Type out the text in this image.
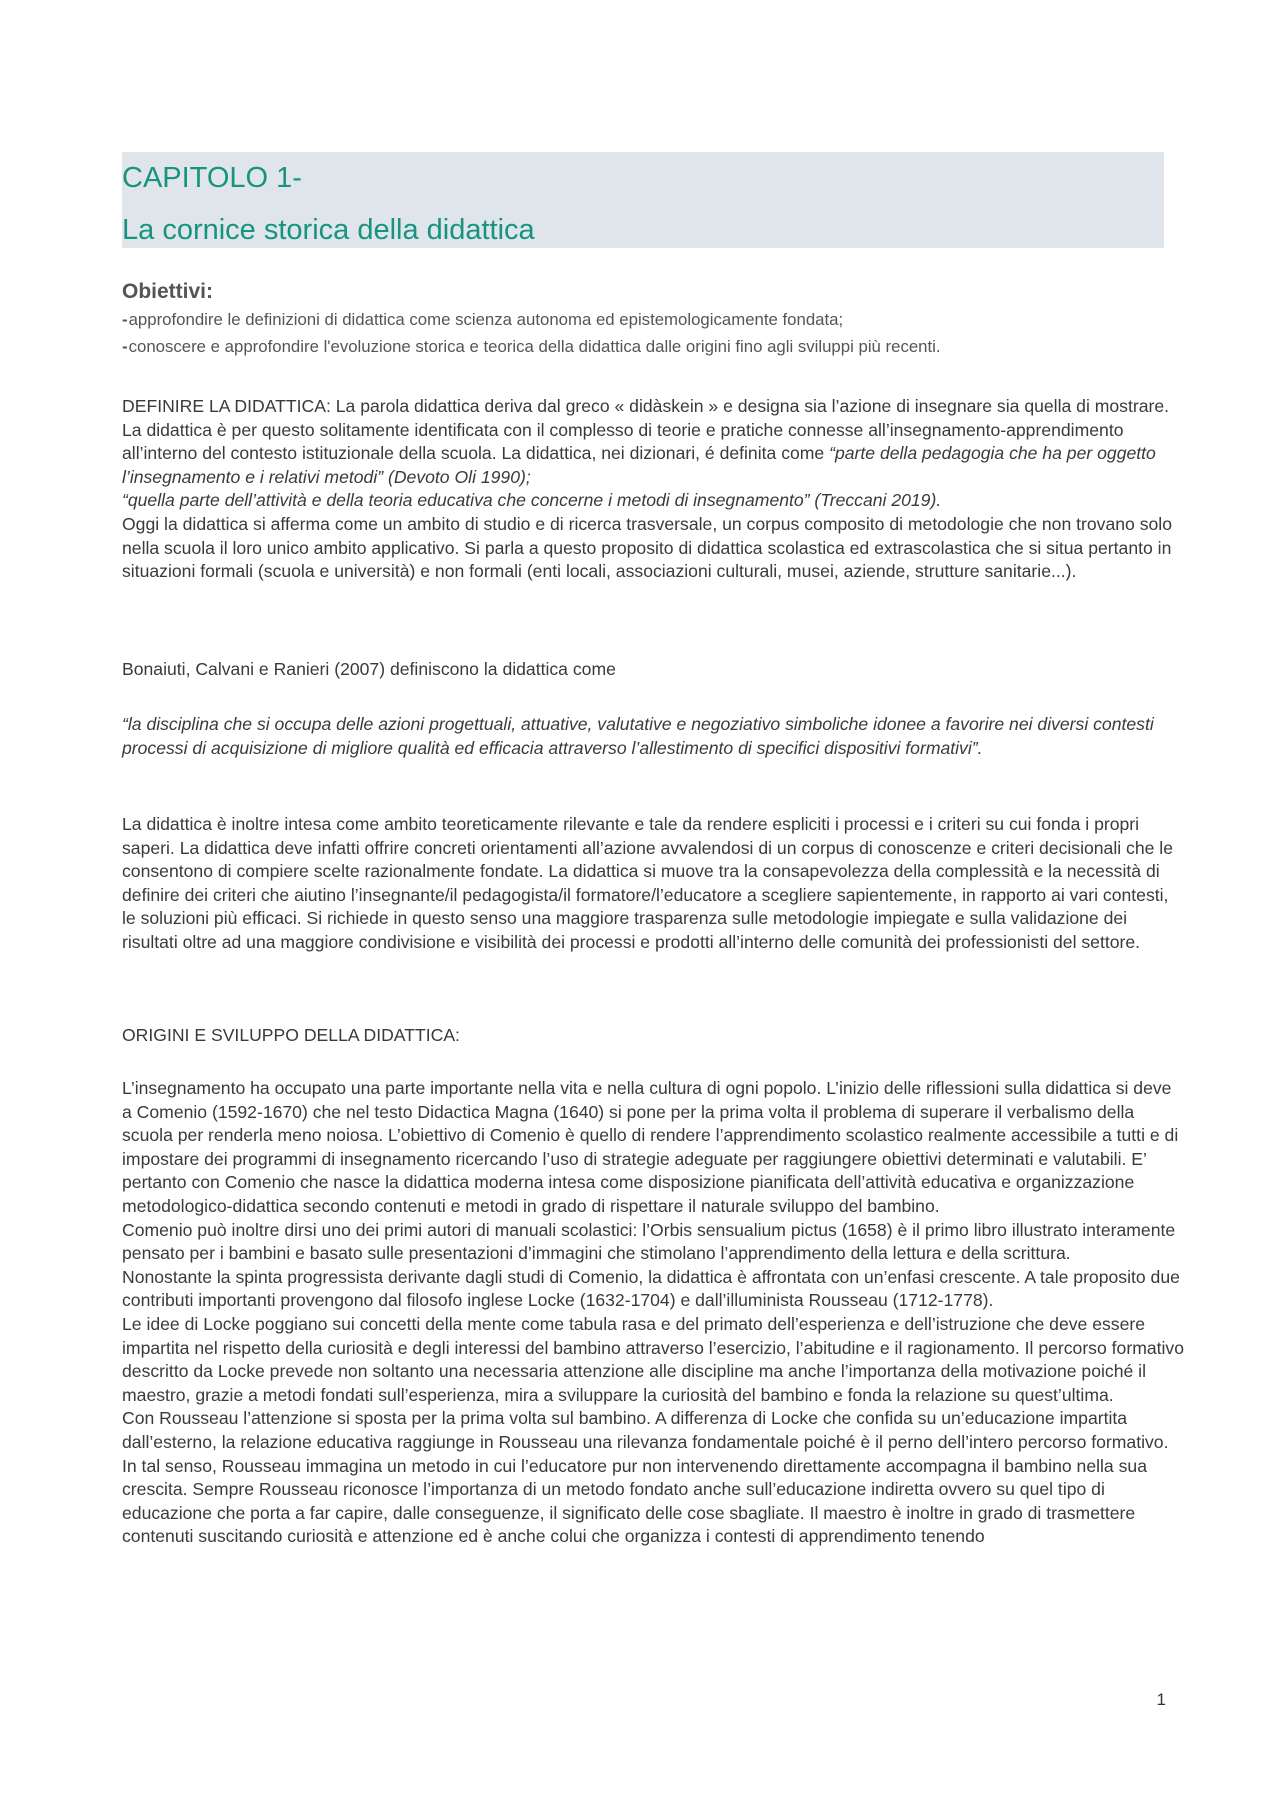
CAPITOLO 1-
La cornice storica della didattica
Obiettivi:
-approfondire le definizioni di didattica come scienza autonoma ed epistemologicamente fondata;
-conoscere e approfondire l'evoluzione storica e teorica della didattica dalle origini fino agli sviluppi più recenti.

DEFINIRE LA DIDATTICA: La parola didattica deriva dal greco « didàskein » e designa sia l’azione di insegnare sia quella di mostrare. La didattica è per questo solitamente identificata con il complesso di teorie e pratiche connesse all’insegnamento-apprendimento all’interno del contesto istituzionale della scuola. La didattica, nei dizionari, é definita come “parte della pedagogia che ha per oggetto l’insegnamento e i relativi metodi” (Devoto Oli 1990);

“quella parte dell’attività e della teoria educativa che concerne i metodi di insegnamento” (Treccani 2019).

Oggi la didattica si afferma come un ambito di studio e di ricerca trasversale, un corpus composito di metodologie che non trovano solo nella scuola il loro unico ambito applicativo. Si parla a questo proposito di didattica scolastica ed extrascolastica che si situa pertanto in situazioni formali (scuola e università) e non formali (enti locali, associazioni culturali, musei, aziende, strutture sanitarie...).

Bonaiuti, Calvani e Ranieri (2007) definiscono la didattica come

“la disciplina che si occupa delle azioni progettuali, attuative, valutative e negoziativo simboliche idonee a favorire nei diversi contesti processi di acquisizione di migliore qualità ed efficacia attraverso l’allestimento di specifici dispositivi formativi”.

La didattica è inoltre intesa come ambito teoreticamente rilevante e tale da rendere espliciti i processi e i criteri su cui fonda i propri saperi. La didattica deve infatti offrire concreti orientamenti all’azione avvalendosi di un corpus di conoscenze e criteri decisionali che le consentono di compiere scelte razionalmente fondate. La didattica si muove tra la consapevolezza della complessità e la necessità di definire dei criteri che aiutino l’insegnante/il pedagogista/il formatore/l’educatore a scegliere sapientemente, in rapporto ai vari contesti, le soluzioni più efficaci. Si richiede in questo senso una maggiore trasparenza sulle metodologie impiegate e sulla validazione dei risultati oltre ad una maggiore condivisione e visibilità dei processi e prodotti all’interno delle comunità dei professionisti del settore.

ORIGINI E SVILUPPO DELLA DIDATTICA:

L’insegnamento ha occupato una parte importante nella vita e nella cultura di ogni popolo. L’inizio delle riflessioni sulla didattica si deve a Comenio (1592-1670) che nel testo Didactica Magna (1640) si pone per la prima volta il problema di superare il verbalismo della scuola per renderla meno noiosa. L’obiettivo di Comenio è quello di rendere l’apprendimento scolastico realmente accessibile a tutti e di impostare dei programmi di insegnamento ricercando l’uso di strategie adeguate per raggiungere obiettivi determinati e valutabili. E’ pertanto con Comenio che nasce la didattica moderna intesa come disposizione pianificata dell’attività educativa e organizzazione metodologico-didattica secondo contenuti e metodi in grado di rispettare il naturale sviluppo del bambino.

Comenio può inoltre dirsi uno dei primi autori di manuali scolastici: l’Orbis sensualium pictus (1658) è il primo libro illustrato interamente pensato per i bambini e basato sulle presentazioni d’immagini che stimolano l’apprendimento della lettura e della scrittura.

Nonostante la spinta progressista derivante dagli studi di Comenio, la didattica è affrontata con un’enfasi crescente. A tale proposito due contributi importanti provengono dal filosofo inglese Locke (1632-1704) e dall’illuminista Rousseau (1712-1778).

Le idee di Locke poggiano sui concetti della mente come tabula rasa e del primato dell’esperienza e dell’istruzione che deve essere impartita nel rispetto della curiosità e degli interessi del bambino attraverso l’esercizio, l’abitudine e il ragionamento. Il percorso formativo descritto da Locke prevede non soltanto una necessaria attenzione alle discipline ma anche l’importanza della motivazione poiché il maestro, grazie a metodi fondati sull’esperienza, mira a sviluppare la curiosità del bambino e fonda la relazione su quest’ultima.

Con Rousseau l’attenzione si sposta per la prima volta sul bambino. A differenza di Locke che confida su un’educazione impartita dall’esterno, la relazione educativa raggiunge in Rousseau una rilevanza fondamentale poiché è il perno dell’intero percorso formativo. In tal senso, Rousseau immagina un metodo in cui l’educatore pur non intervenendo direttamente accompagna il bambino nella sua crescita. Sempre Rousseau riconosce l’importanza di un metodo fondato anche sull’educazione indiretta ovvero su quel tipo di educazione che porta a far capire, dalle conseguenze, il significato delle cose sbagliate. Il maestro è inoltre in grado di trasmettere contenuti suscitando curiosità e attenzione ed è anche colui che organizza i contesti di apprendimento tenendo

1
